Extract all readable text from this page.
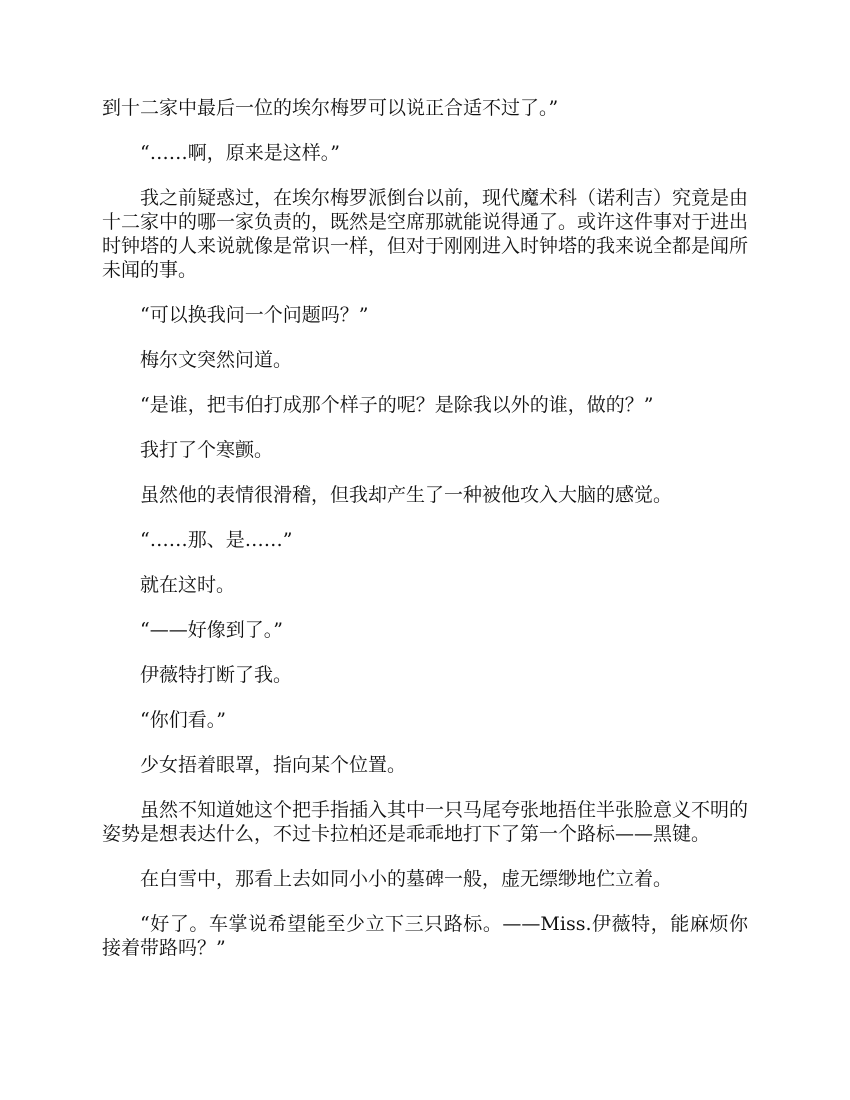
到十二家中最后一位的埃尔梅罗可以说正合适不过了。”

“……啊，原来是这样。”

我之前疑惑过，在埃尔梅罗派倒台以前，现代魔术科（诺利吉）究竟是由十二家中的哪一家负责的，既然是空席那就能说得通了。或许这件事对于进出时钟塔的人来说就像是常识一样，但对于刚刚进入时钟塔的我来说全都是闻所未闻的事。

“可以换我问一个问题吗？”

梅尔文突然问道。

“是谁，把韦伯打成那个样子的呢？是除我以外的谁，做的？”

我打了个寒颤。

虽然他的表情很滑稽，但我却产生了一种被他攻入大脑的感觉。

“……那、是……”

就在这时。

“——好像到了。”

伊薇特打断了我。

“你们看。”

少女捂着眼罩，指向某个位置。

虽然不知道她这个把手指插入其中一只马尾夸张地捂住半张脸意义不明的姿势是想表达什么，不过卡拉柏还是乖乖地打下了第一个路标——黑键。

在白雪中，那看上去如同小小的墓碑一般，虚无缥缈地伫立着。

“好了。车掌说希望能至少立下三只路标。——Miss.伊薇特，能麻烦你接着带路吗？”
